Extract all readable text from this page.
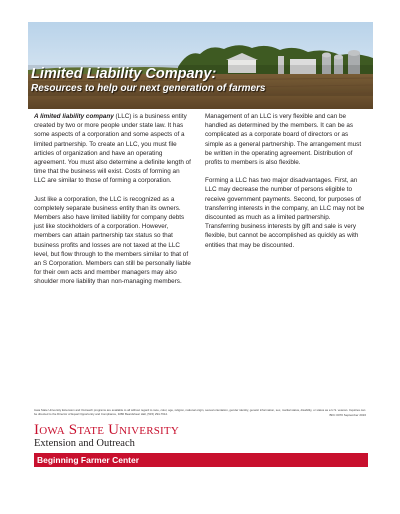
Limited Liability Company:
Resources to help our next generation of farmers

A limited liability company (LLC) is a business entity created by two or more people under state law. It has some aspects of a corporation and some aspects of a limited partnership. To create an LLC, you must file articles of organization and have an operating agreement. You must also determine a definite length of time that the business will exist. Costs of forming an LLC are similar to those of forming a corporation.

Just like a corporation, the LLC is recognized as a completely separate business entity than its owners. Members also have limited liability for company debts just like stockholders of a corporation. However, members can attain partnership tax status so that business profits and losses are not taxed at the LLC level, but flow through to the members similar to that of an S Corporation. Members can still be personally liable for their own acts and member managers may also shoulder more liability than non-managing members.

Management of an LLC is very flexible and can be handled as determined by the members. It can be as complicated as a corporate board of directors or as simple as a general partnership. The arrangement must be written in the operating agreement. Distribution of profits to members is also flexible.

Forming a LLC has two major disadvantages. First, an LLC may decrease the number of persons eligible to receive government payments. Second, for purposes of transferring interests in the company, an LLC may not be discounted as much as a limited partnership. Transferring business interests by gift and sale is very flexible, but cannot be accomplished as quickly as with entities that may be discounted.

Iowa State University Extension and Outreach programs are available to all without regard to race, color, age, religion, national origin, sexual orientation, gender identity, genetic information, sex, marital status, disability, or status as a U.S. veteran. Inquiries can be directed to the Director of Equal Opportunity and Compliance, 3280 Beardshear Hall, (515) 294-7612.	BFC 0070 September 2016
Iowa State University
Extension and Outreach
Beginning Farmer Center
